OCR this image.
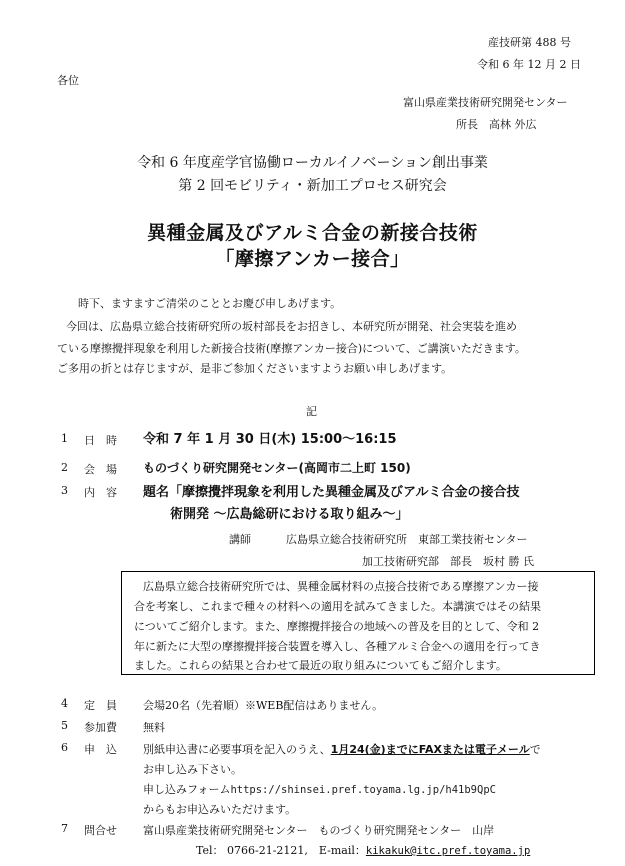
産技研第 488 号
令和 6 年 12 月 2 日
各位
富山県産業技術研究開発センター
所長　高林 外広
令和 6 年度産学官協働ローカルイノベーション創出事業
第 2 回モビリティ・新加工プロセス研究会
異種金属及びアルミ合金の新接合技術
「摩擦アンカー接合」
時下、ますますご清栄のこととお慶び申しあげます。
今回は、広島県立総合技術研究所の坂村部長をお招きし、本研究所が開発、社会実装を進め
ている摩擦攪拌現象を利用した新接合技術(摩擦アンカー接合)について、ご講演いただきます。
ご多用の折とは存じますが、是非ご参加くださいますようお願い申しあげます。
記
1 日　時 令和 7 年 1 月 30 日(木) 15:00〜16:15
2 会　場 ものづくり研究開発センター(高岡市二上町 150)
3 内　容 題名「摩擦攪拌現象を利用した異種金属及びアルミ合金の接合技
術開発 〜広島総研における取り組み〜」
講師	広島県立総合技術研究所　東部工業技術センター
加工技術研究部　部長　坂村 勝 氏
広島県立総合技術研究所では、異種金属材料の点接合技術である摩擦アンカー接
合を考案し、これまで種々の材料への適用を試みてきました。本講演ではその結果
についてご紹介します。また、摩擦攪拌接合の地域への普及を目的として、令和 2
年に新たに大型の摩擦攪拌接合装置を導入し、各種アルミ合金への適用を行ってき
ました。これらの結果と合わせて最近の取り組みについてもご紹介します。
4 定　員 会場20名（先着順）※WEB配信はありません。
5 参加費 無料
6 申　込 別紙申込書に必要事項を記入のうえ、1月24(金)までにFAXまたは電子メールで
お申し込み下さい。
申し込みフォームhttps://shinsei.pref.toyama.lg.jp/h41b9QpC
からもお申込みいただけます。
7 問合せ 富山県産業技術研究開発センター　ものづくり研究開発センター　山岸
Tel： 0766-21-2121,　E-mail：kikakuk@itc.pref.toyama.jp
